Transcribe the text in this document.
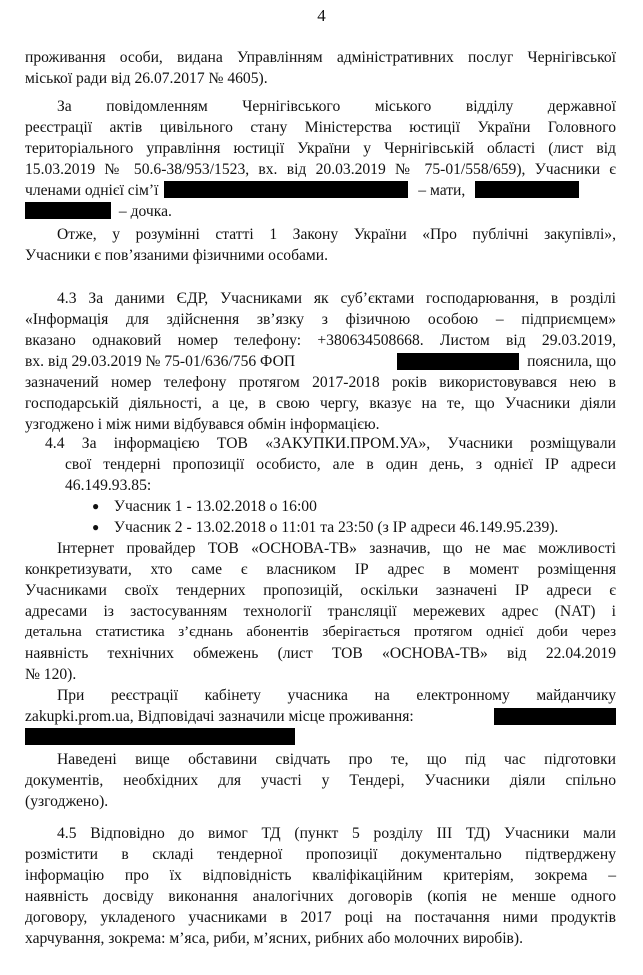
4
проживання особи, видана Управлінням адміністративних послуг Чернігівської
міської ради від 26.07.2017 № 4605).
За повідомленням Чернігівського міського відділу державної
реєстрації актів цивільного стану Міністерства юстиції України Головного
територіального управління юстиції України у Чернігівській області (лист від
15.03.2019 № 50.6-38/953/1523, вх. від 20.03.2019 № 75-01/558/659), Учасники є
членами однієї сім’ї	– мати,
– дочка.
Отже, у розумінні статті 1 Закону України «Про публічні закупівлі»,
Учасники є пов’язаними фізичними особами.
4.3 За даними ЄДР, Учасниками як суб’єктами господарювання, в розділі
«Інформація для здійснення зв’язку з фізичною особою – підприємцем»
вказано однаковий номер телефону: +380634508668. Листом від 29.03.2019,
вх. від 29.03.2019 № 75-01/636/756 ФОП	пояснила, що
зазначений номер телефону протягом 2017-2018 років використовувався нею в
господарській діяльності, а це, в свою чергу, вказує на те, що Учасники діяли
узгоджено і між ними відбувався обмін інформацією.
4.4 За інформацією ТОВ «ЗАКУПКИ.ПРОМ.УА», Учасники розміщували
свої тендерні пропозиції особисто, але в один день, з однієї ІР адреси
46.149.93.85:
● Учасник 1 - 13.02.2018 о 16:00
● Учасник 2 - 13.02.2018 о 11:01 та 23:50 (з ІР адреси 46.149.95.239).
Інтернет провайдер ТОВ «ОСНОВА-ТВ» зазначив, що не має можливості
конкретизувати, хто саме є власником ІР адрес в момент розміщення
Учасниками своїх тендерних пропозицій, оскільки зазначені ІР адреси є
адресами із застосуванням технології трансляції мережевих адрес (NAT) і
детальна статистика з’єднань абонентів зберігається протягом однієї доби через
наявність технічних обмежень (лист ТОВ «ОСНОВА-ТВ» від 22.04.2019
№ 120).
При реєстрації кабінету учасника на електронному майданчику
zakupki.prom.ua, Відповідачі зазначили місце проживання:
Наведені вище обставини свідчать про те, що під час підготовки
документів, необхідних для участі у Тендері, Учасники діяли спільно
(узгоджено).
4.5 Відповідно до вимог ТД (пункт 5 розділу ІІІ ТД) Учасники мали
розмістити в складі тендерної пропозиції документально підтверджену
інформацію про їх відповідність кваліфікаційним критеріям, зокрема –
наявність досвіду виконання аналогічних договорів (копія не менше одного
договору, укладеного учасниками в 2017 році на постачання ними продуктів
харчування, зокрема: м’яса, риби, м’ясних, рибних або молочних виробів).
